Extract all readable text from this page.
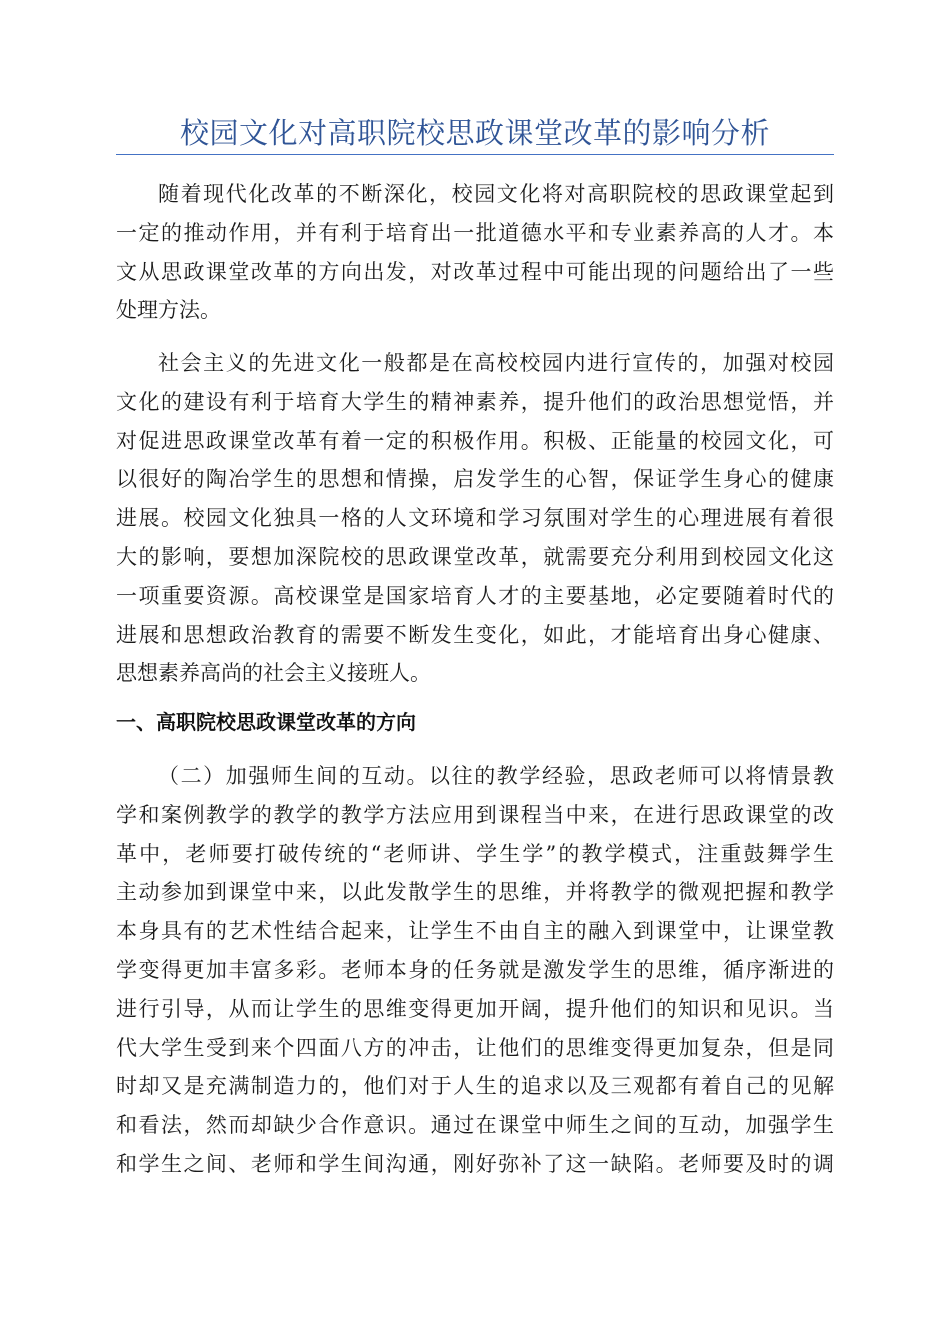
校园文化对高职院校思政课堂改革的影响分析
随着现代化改革的不断深化，校园文化将对高职院校的思政课堂起到
一定的推动作用，并有利于培育出一批道德水平和专业素养高的人才。本
文从思政课堂改革的方向出发，对改革过程中可能出现的问题给出了一些
处理方法。
社会主义的先进文化一般都是在高校校园内进行宣传的，加强对校园
文化的建设有利于培育大学生的精神素养，提升他们的政治思想觉悟，并
对促进思政课堂改革有着一定的积极作用。积极、正能量的校园文化，可
以很好的陶冶学生的思想和情操，启发学生的心智，保证学生身心的健康
进展。校园文化独具一格的人文环境和学习氛围对学生的心理进展有着很
大的影响，要想加深院校的思政课堂改革，就需要充分利用到校园文化这
一项重要资源。高校课堂是国家培育人才的主要基地，必定要随着时代的
进展和思想政治教育的需要不断发生变化，如此，才能培育出身心健康、
思想素养高尚的社会主义接班人。
一、高职院校思政课堂改革的方向
（二）加强师生间的互动。以往的教学经验，思政老师可以将情景教
学和案例教学的教学的教学方法应用到课程当中来，在进行思政课堂的改
革中，老师要打破传统的“老师讲、学生学”的教学模式，注重鼓舞学生
主动参加到课堂中来，以此发散学生的思维，并将教学的微观把握和教学
本身具有的艺术性结合起来，让学生不由自主的融入到课堂中，让课堂教
学变得更加丰富多彩。老师本身的任务就是激发学生的思维，循序渐进的
进行引导，从而让学生的思维变得更加开阔，提升他们的知识和见识。当
代大学生受到来个四面八方的冲击，让他们的思维变得更加复杂，但是同
时却又是充满制造力的，他们对于人生的追求以及三观都有着自己的见解
和看法，然而却缺少合作意识。通过在课堂中师生之间的互动，加强学生
和学生之间、老师和学生间沟通，刚好弥补了这一缺陷。老师要及时的调
